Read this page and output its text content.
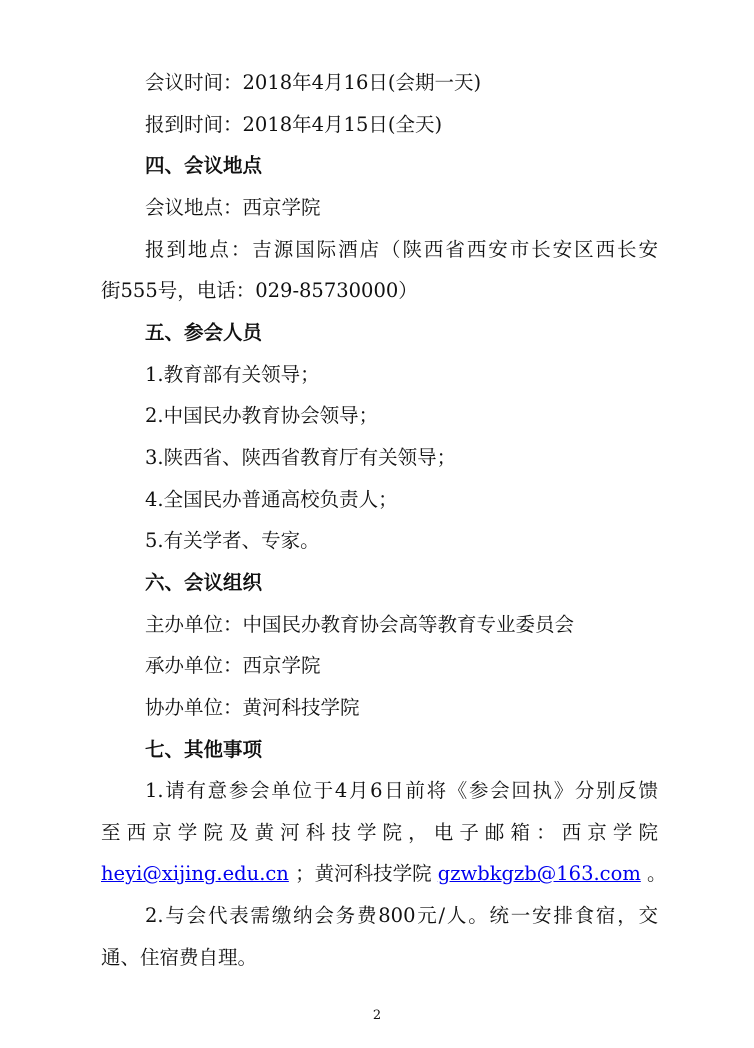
会议时间：2018年4月16日(会期一天)
报到时间：2018年4月15日(全天)
四、会议地点
会议地点：西京学院
报到地点：吉源国际酒店（陕西省西安市长安区西长安
街555号，电话：029-85730000）
五、参会人员
1.教育部有关领导；
2.中国民办教育协会领导；
3.陕西省、陕西省教育厅有关领导；
4.全国民办普通高校负责人；
5.有关学者、专家。
六、会议组织
主办单位：中国民办教育协会高等教育专业委员会
承办单位：西京学院
协办单位：黄河科技学院
七、其他事项
1.请有意参会单位于4月6日前将《参会回执》分别反馈
至西京学院及黄河科技学院，电子邮箱：西京学院
heyi@xijing.edu.cn ；黄河科技学院 gzwbkgzb@163.com 。
2.与会代表需缴纳会务费800元/人。统一安排食宿，交
通、住宿费自理。
2
